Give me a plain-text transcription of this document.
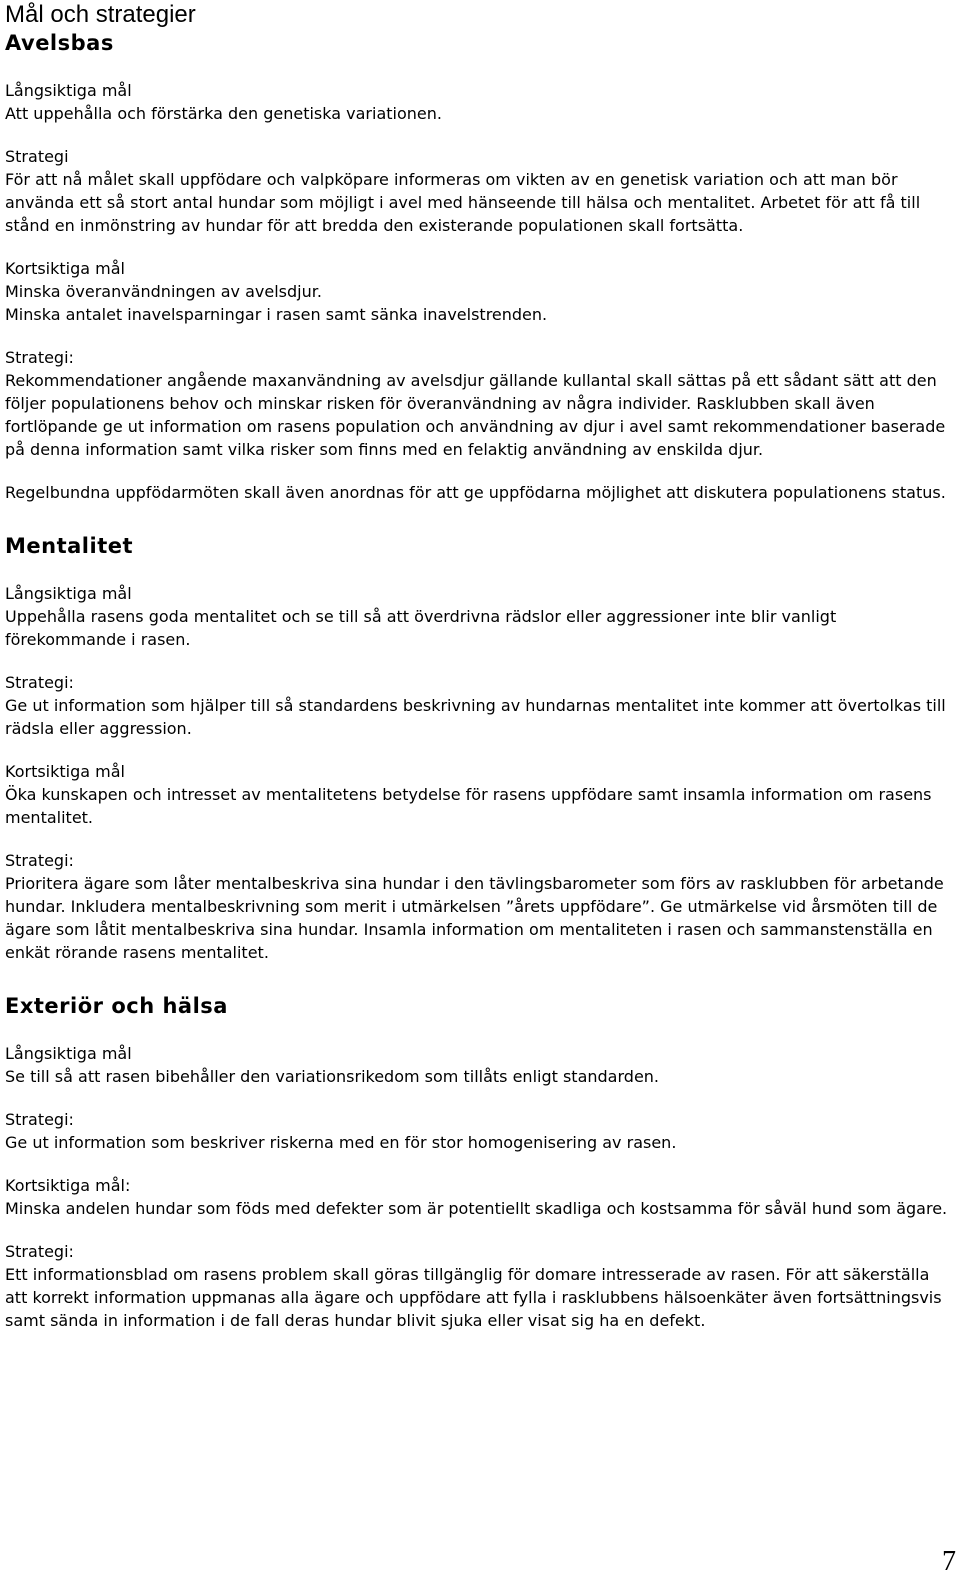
Mål och strategier
Avelsbas
Långsiktiga mål

Att uppehålla och förstärka den genetiska variationen.

Strategi

För att nå målet skall uppfödare och valpköpare informeras om vikten av en genetisk variation och att man bör använda ett så stort antal hundar som möjligt i avel med hänseende till hälsa och mentalitet. Arbetet för att få till stånd en inmönstring av hundar för att bredda den existerande populationen skall fortsätta.

Kortsiktiga mål

Minska överanvändningen av avelsdjur.

Minska antalet inavelsparningar i rasen samt sänka inavelstrenden.

Strategi:

Rekommendationer angående maxanvändning av avelsdjur gällande kullantal skall sättas på ett sådant sätt att den följer populationens behov och minskar risken för överanvändning av några individer. Rasklubben skall även fortlöpande ge ut information om rasens population och användning av djur i avel samt rekommendationer baserade på denna information samt vilka risker som finns med en felaktig användning av enskilda djur.

Regelbundna uppfödarmöten skall även anordnas för att ge uppfödarna möjlighet att diskutera populationens status.

Mentalitet
Långsiktiga mål

Uppehålla rasens goda mentalitet och se till så att överdrivna rädslor eller aggressioner inte blir vanligt förekommande i rasen.

Strategi:

Ge ut information som hjälper till så standardens beskrivning av hundarnas mentalitet inte kommer att övertolkas till rädsla eller aggression.

Kortsiktiga mål

Öka kunskapen och intresset av mentalitetens betydelse för rasens uppfödare samt insamla information om rasens mentalitet.

Strategi:

Prioritera ägare som låter mentalbeskriva sina hundar i den tävlingsbarometer som förs av rasklubben för arbetande hundar. Inkludera mentalbeskrivning som merit i utmärkelsen ”årets uppfödare”. Ge utmärkelse vid årsmöten till de ägare som låtit mentalbeskriva sina hundar. Insamla information om mentaliteten i rasen och sammanstenställa en enkät rörande rasens mentalitet.

Exteriör och hälsa
Långsiktiga mål

Se till så att rasen bibehåller den variationsrikedom som tillåts enligt standarden.

Strategi:

Ge ut information som beskriver riskerna med en för stor homogenisering av rasen.

Kortsiktiga mål:

Minska andelen hundar som föds med defekter som är potentiellt skadliga och kostsamma för såväl hund som ägare.

Strategi:

Ett informationsblad om rasens problem skall göras tillgänglig för domare intresserade av rasen. För att säkerställa att korrekt information uppmanas alla ägare och uppfödare att fylla i rasklubbens hälsoenkäter även fortsättningsvis samt sända in information i de fall deras hundar blivit sjuka eller visat sig ha en defekt.

7
